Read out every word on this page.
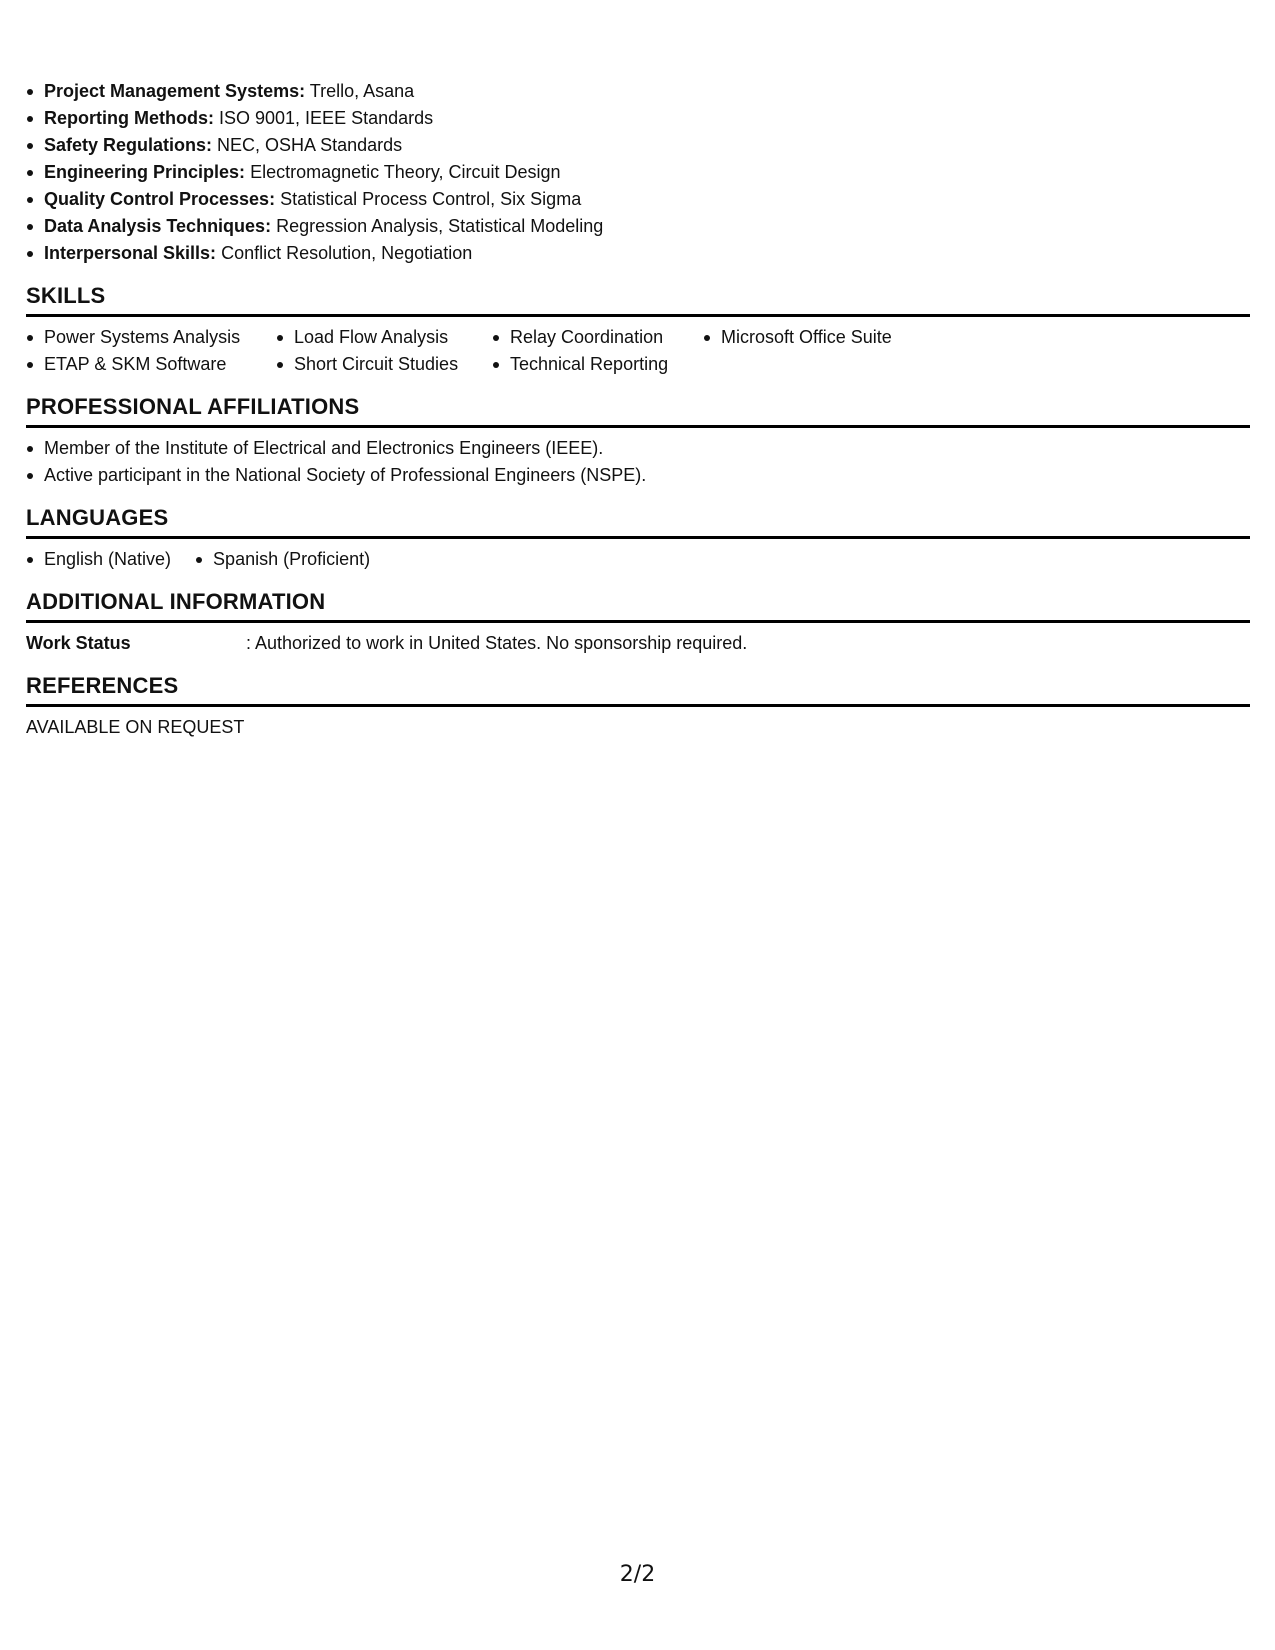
Project Management Systems: Trello, Asana
Reporting Methods: ISO 9001, IEEE Standards
Safety Regulations: NEC, OSHA Standards
Engineering Principles: Electromagnetic Theory, Circuit Design
Quality Control Processes: Statistical Process Control, Six Sigma
Data Analysis Techniques: Regression Analysis, Statistical Modeling
Interpersonal Skills: Conflict Resolution, Negotiation
SKILLS
Power Systems Analysis
ETAP & SKM Software
Load Flow Analysis
Short Circuit Studies
Relay Coordination
Technical Reporting
Microsoft Office Suite
PROFESSIONAL AFFILIATIONS
Member of the Institute of Electrical and Electronics Engineers (IEEE).
Active participant in the National Society of Professional Engineers (NSPE).
LANGUAGES
English (Native)	Spanish (Proficient)
ADDITIONAL INFORMATION
Work Status	: Authorized to work in United States. No sponsorship required.
REFERENCES
AVAILABLE ON REQUEST
2/2
